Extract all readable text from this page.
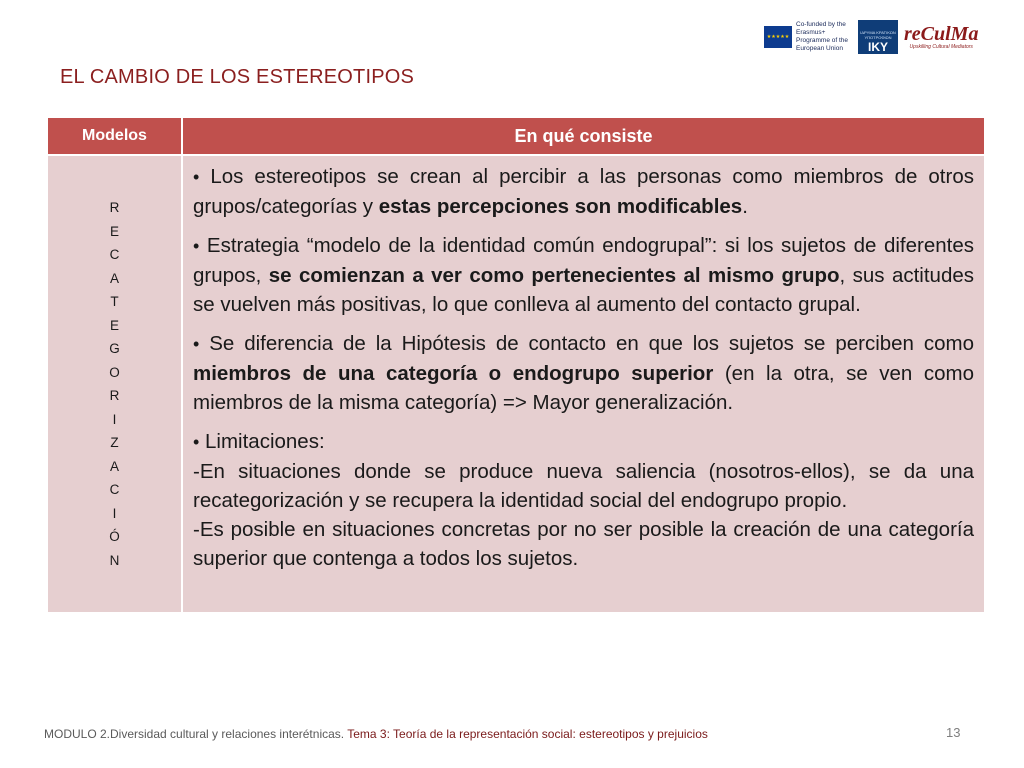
★★★★★

Co-funded by the Erasmus+ Programme of the European Union
ΙΔΡΥΜΑ ΚΡΑΤΙΚΩΝ ΥΠΟΤΡΟΦΙΩΝ
IKY
reCulMa
Upskilling Cultural Mediators
EL CAMBIO DE LOS ESTEREOTIPOS
Modelos	En qué consiste
R
E
C
A
T
E
G
O
R
I
Z
A
C
I
Ó
N

• Los estereotipos se crean al percibir a las personas como miembros de otros grupos/categorías y estas percepciones son modificables.

• Estrategia “modelo de la identidad común endogrupal”: si los sujetos de diferentes grupos, se comienzan a ver como pertenecientes al mismo grupo, sus actitudes se vuelven más positivas, lo que conlleva al aumento del contacto grupal.

• Se diferencia de la Hipótesis de contacto en que los sujetos se perciben como miembros de una categoría o endogrupo superior (en la otra, se ven como miembros de la misma categoría) => Mayor generalización.

• Limitaciones:

-En situaciones donde se produce nueva saliencia (nosotros-ellos), se da una recategorización y se recupera la identidad social del endogrupo propio.

-Es posible en situaciones concretas por no ser posible la creación de una categoría superior que contenga a todos los sujetos.

MODULO 2.Diversidad cultural y relaciones interétnicas. Tema 3: Teoría de la representación social: estereotipos y prejuicios	13
